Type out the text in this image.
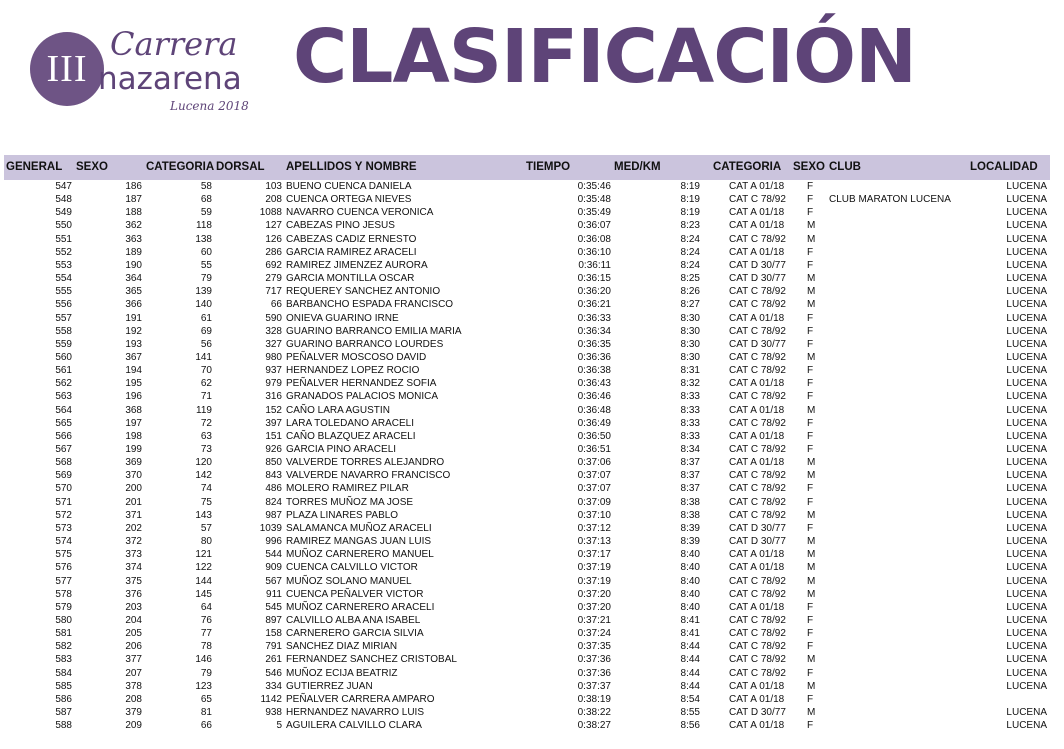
III
Carrera
nazarena
Lucena 2018
CLASIFICACIÓN
GENERAL SEXO	CATEGORIA DORSAL APELLIDOS Y NOMBRE	TIEMPO	MED/KM	CATEGORIA SEXO CLUB	LOCALIDAD
547	186	58	103 BUENO CUENCA DANIELA	0:35:46	8:19	CAT A 01/18 F	LUCENA
548	187	68	208 CUENCA ORTEGA NIEVES	0:35:48	8:19	CAT C 78/92 F CLUB MARATON LUCENA	LUCENA
549	188	59	1088 NAVARRO CUENCA VERONICA	0:35:49	8:19	CAT A 01/18 F	LUCENA
550	362	118	127 CABEZAS PINO JESUS	0:36:07	8:23	CAT A 01/18 M	LUCENA
551	363	138	126 CABEZAS CADIZ ERNESTO	0:36:08	8:24	CAT C 78/92 M	LUCENA
552	189	60	286 GARCIA RAMIREZ ARACELI	0:36:10	8:24	CAT A 01/18 F	LUCENA
553	190	55	692 RAMIREZ JIMENZEZ AURORA	0:36:11	8:24	CAT D 30/77 F	LUCENA
554	364	79	279 GARCIA MONTILLA OSCAR	0:36:15	8:25	CAT D 30/77 M	LUCENA
555	365	139	717 REQUEREY SANCHEZ ANTONIO	0:36:20	8:26	CAT C 78/92 M	LUCENA
556	366	140	66 BARBANCHO ESPADA FRANCISCO	0:36:21	8:27	CAT C 78/92 M	LUCENA
557	191	61	590 ONIEVA GUARINO IRNE	0:36:33	8:30	CAT A 01/18 F	LUCENA
558	192	69	328 GUARINO BARRANCO EMILIA MARIA	0:36:34	8:30	CAT C 78/92 F	LUCENA
559	193	56	327 GUARINO BARRANCO LOURDES	0:36:35	8:30	CAT D 30/77 F	LUCENA
560	367	141	980 PEÑALVER MOSCOSO DAVID	0:36:36	8:30	CAT C 78/92 M	LUCENA
561	194	70	937 HERNANDEZ LOPEZ ROCIO	0:36:38	8:31	CAT C 78/92 F	LUCENA
562	195	62	979 PEÑALVER HERNANDEZ SOFIA	0:36:43	8:32	CAT A 01/18 F	LUCENA
563	196	71	316 GRANADOS PALACIOS MONICA	0:36:46	8:33	CAT C 78/92 F	LUCENA
564	368	119	152 CAÑO LARA AGUSTIN	0:36:48	8:33	CAT A 01/18 M	LUCENA
565	197	72	397 LARA TOLEDANO ARACELI	0:36:49	8:33	CAT C 78/92 F	LUCENA
566	198	63	151 CAÑO BLAZQUEZ ARACELI	0:36:50	8:33	CAT A 01/18 F	LUCENA
567	199	73	926 GARCIA PINO ARACELI	0:36:51	8:34	CAT C 78/92 F	LUCENA
568	369	120	850 VALVERDE TORRES ALEJANDRO	0:37:06	8:37	CAT A 01/18 M	LUCENA
569	370	142	843 VALVERDE NAVARRO FRANCISCO	0:37:07	8:37	CAT C 78/92 M	LUCENA
570	200	74	486 MOLERO RAMIREZ PILAR	0:37:07	8:37	CAT C 78/92 F	LUCENA
571	201	75	824 TORRES MUÑOZ MA JOSE	0:37:09	8:38	CAT C 78/92 F	LUCENA
572	371	143	987 PLAZA LINARES PABLO	0:37:10	8:38	CAT C 78/92 M	LUCENA
573	202	57	1039 SALAMANCA MUÑOZ ARACELI	0:37:12	8:39	CAT D 30/77 F	LUCENA
574	372	80	996 RAMIREZ MANGAS JUAN LUIS	0:37:13	8:39	CAT D 30/77 M	LUCENA
575	373	121	544 MUÑOZ CARNERERO MANUEL	0:37:17	8:40	CAT A 01/18 M	LUCENA
576	374	122	909 CUENCA CALVILLO VICTOR	0:37:19	8:40	CAT A 01/18 M	LUCENA
577	375	144	567 MUÑOZ SOLANO MANUEL	0:37:19	8:40	CAT C 78/92 M	LUCENA
578	376	145	911 CUENCA PEÑALVER VICTOR	0:37:20	8:40	CAT C 78/92 M	LUCENA
579	203	64	545 MUÑOZ CARNERERO ARACELI	0:37:20	8:40	CAT A 01/18 F	LUCENA
580	204	76	897 CALVILLO ALBA ANA ISABEL	0:37:21	8:41	CAT C 78/92 F	LUCENA
581	205	77	158 CARNERERO GARCIA SILVIA	0:37:24	8:41	CAT C 78/92 F	LUCENA
582	206	78	791 SANCHEZ DIAZ MIRIAN	0:37:35	8:44	CAT C 78/92 F	LUCENA
583	377	146	261 FERNANDEZ SANCHEZ CRISTOBAL	0:37:36	8:44	CAT C 78/92 M	LUCENA
584	207	79	546 MUÑOZ ECIJA BEATRIZ	0:37:36	8:44	CAT C 78/92 F	LUCENA
585	378	123	334 GUTIERREZ JUAN	0:37:37	8:44	CAT A 01/18 M	LUCENA
586	208	65	1142 PEÑALVER CARRERA AMPARO	0:38:19	8:54	CAT A 01/18 F
587	379	81	938 HERNANDEZ NAVARRO LUIS	0:38:22	8:55	CAT D 30/77 M	LUCENA
588	209	66	5 AGUILERA CALVILLO CLARA	0:38:27	8:56	CAT A 01/18 F	LUCENA
